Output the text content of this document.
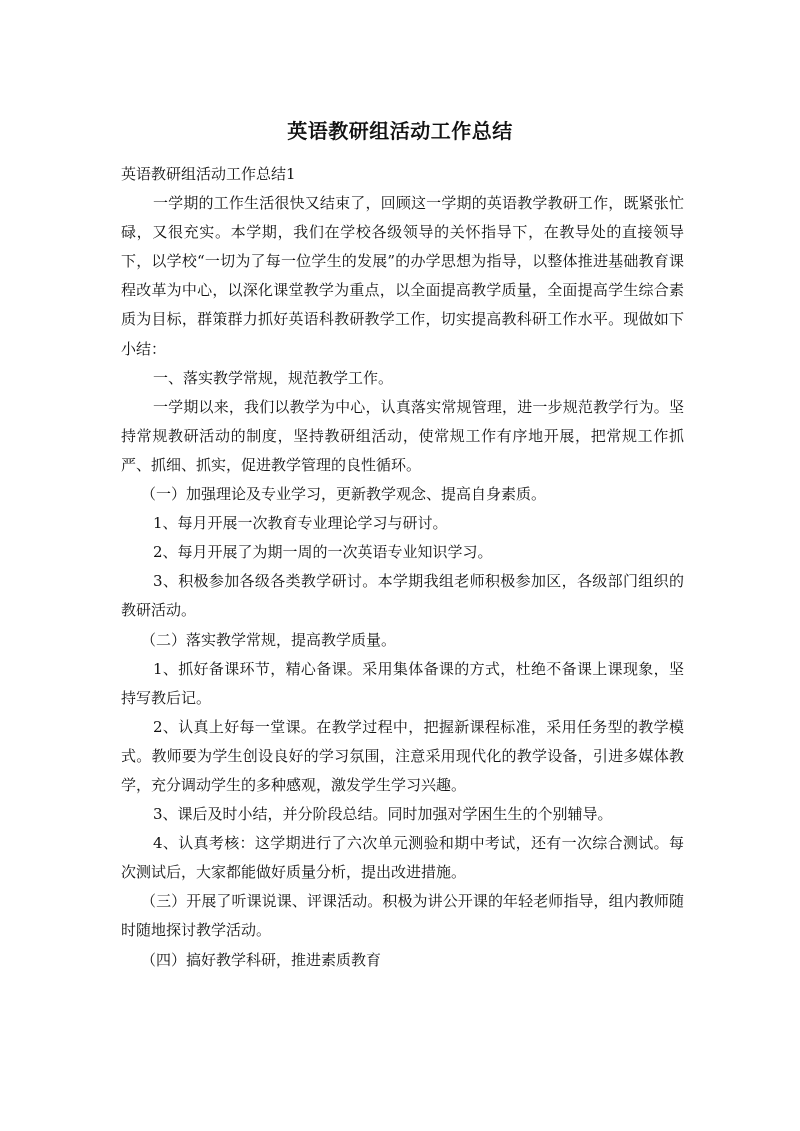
英语教研组活动工作总结

英语教研组活动工作总结1

一学期的工作生活很快又结束了，回顾这一学期的英语教学教研工作，既紧张忙碌，又很充实。本学期，我们在学校各级领导的关怀指导下，在教导处的直接领导下，以学校“一切为了每一位学生的发展”的办学思想为指导，以整体推进基础教育课程改革为中心，以深化课堂教学为重点，以全面提高教学质量，全面提高学生综合素质为目标，群策群力抓好英语科教研教学工作，切实提高教科研工作水平。现做如下小结：

一、落实教学常规，规范教学工作。

一学期以来，我们以教学为中心，认真落实常规管理，进一步规范教学行为。坚持常规教研活动的制度，坚持教研组活动，使常规工作有序地开展，把常规工作抓严、抓细、抓实，促进教学管理的良性循环。

（一）加强理论及专业学习，更新教学观念、提高自身素质。

1、每月开展一次教育专业理论学习与研讨。

2、每月开展了为期一周的一次英语专业知识学习。

3、积极参加各级各类教学研讨。本学期我组老师积极参加区，各级部门组织的教研活动。

（二）落实教学常规，提高教学质量。

1、抓好备课环节，精心备课。采用集体备课的方式，杜绝不备课上课现象，坚持写教后记。

2、认真上好每一堂课。在教学过程中，把握新课程标准，采用任务型的教学模式。教师要为学生创设良好的学习氛围，注意采用现代化的教学设备，引进多媒体教学，充分调动学生的多种感观，激发学生学习兴趣。

3、课后及时小结，并分阶段总结。同时加强对学困生生的个别辅导。

4、认真考核：这学期进行了六次单元测验和期中考试，还有一次综合测试。每次测试后，大家都能做好质量分析，提出改进措施。

（三）开展了听课说课、评课活动。积极为讲公开课的年轻老师指导，组内教师随时随地探讨教学活动。

（四）搞好教学科研，推进素质教育
